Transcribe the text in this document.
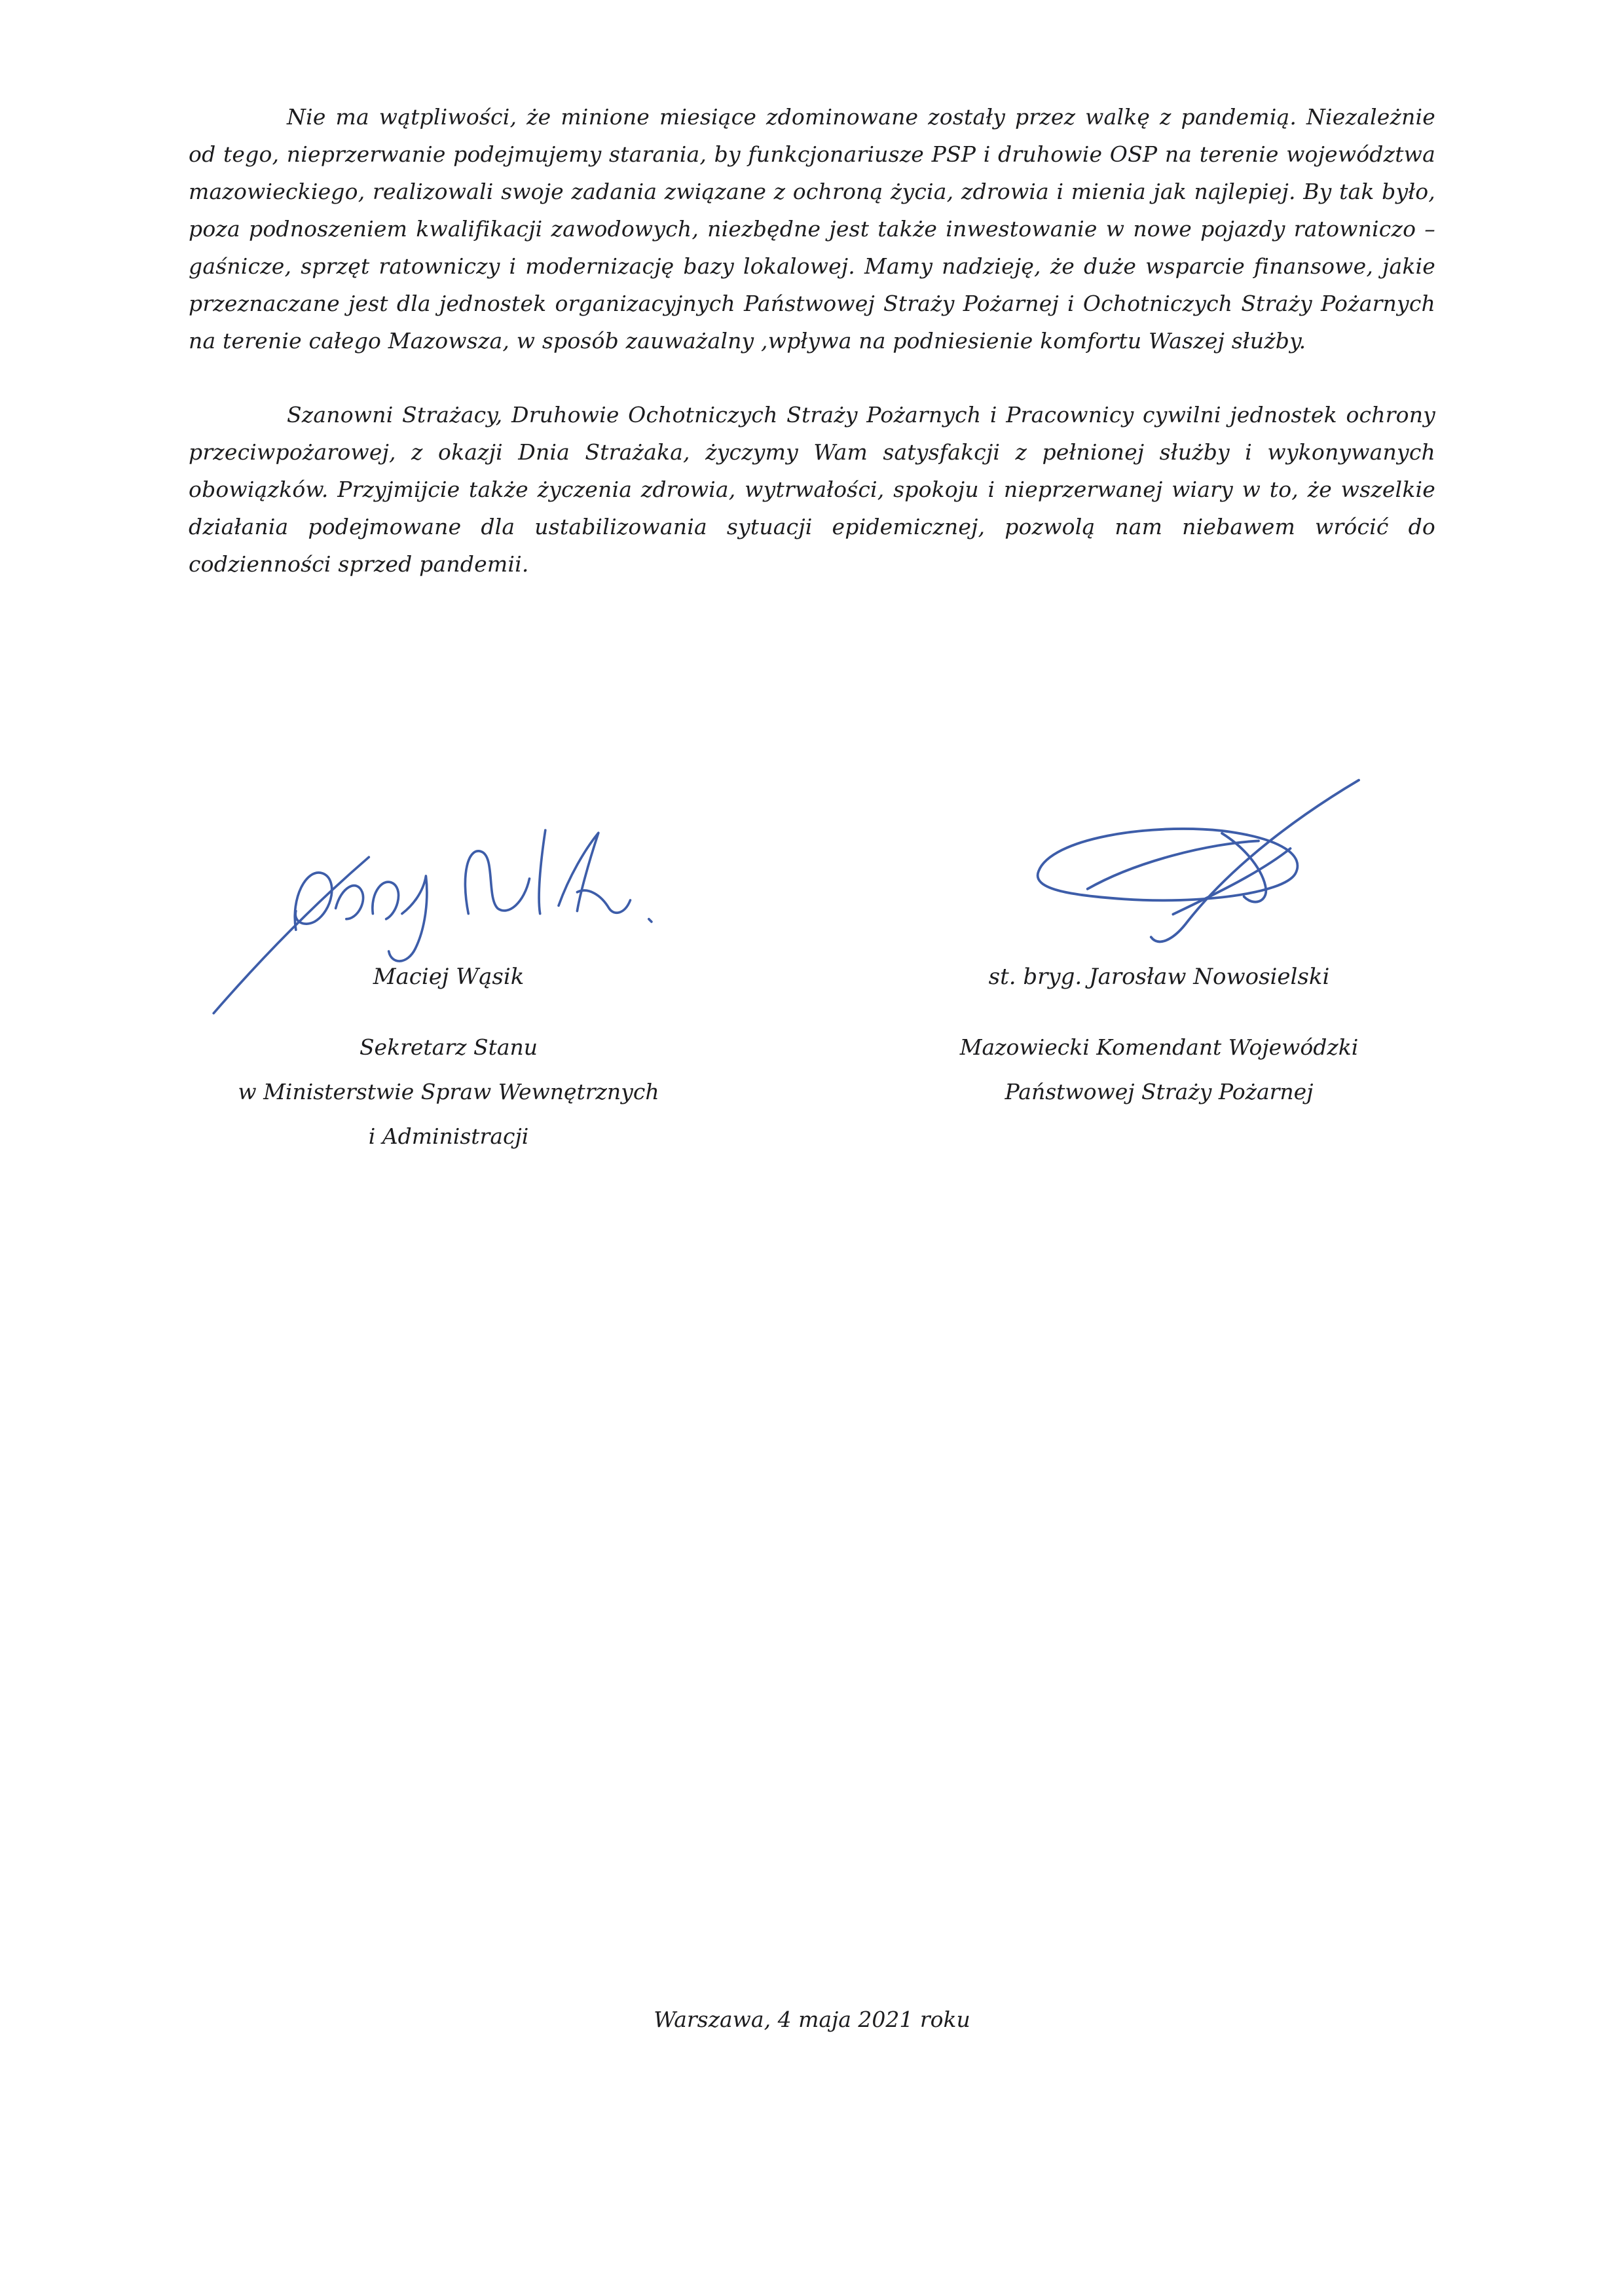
Nie ma wątpliwości, że minione miesiące zdominowane zostały przez walkę z pandemią. Niezależnie od tego, nieprzerwanie podejmujemy starania, by funkcjonariusze PSP i druhowie OSP na terenie województwa mazowieckiego, realizowali swoje zadania związane z ochroną życia, zdrowia i mienia jak najlepiej. By tak było, poza podnoszeniem kwalifikacji zawodowych, niezbędne jest także inwestowanie w nowe pojazdy ratowniczo – gaśnicze, sprzęt ratowniczy i modernizację bazy lokalowej. Mamy nadzieję, że duże wsparcie finansowe, jakie przeznaczane jest dla jednostek organizacyjnych Państwowej Straży Pożarnej i Ochotniczych Straży Pożarnych na terenie całego Mazowsza, w sposób zauważalny ,wpływa na podniesienie komfortu Waszej służby.

Szanowni Strażacy, Druhowie Ochotniczych Straży Pożarnych i Pracownicy cywilni jednostek ochrony przeciwpożarowej, z okazji Dnia Strażaka, życzymy Wam satysfakcji z pełnionej służby i wykonywanych obowiązków. Przyjmijcie także życzenia zdrowia, wytrwałości, spokoju i nieprzerwanej wiary w to, że wszelkie działania podejmowane dla ustabilizowania sytuacji epidemicznej, pozwolą nam niebawem wrócić do codzienności sprzed pandemii.

Maciej Wąsik
Sekretarz Stanu
w Ministerstwie Spraw Wewnętrznych
i Administracji
st. bryg. Jarosław Nowosielski
Mazowiecki Komendant Wojewódzki
Państwowej Straży Pożarnej
Warszawa, 4 maja 2021 roku
